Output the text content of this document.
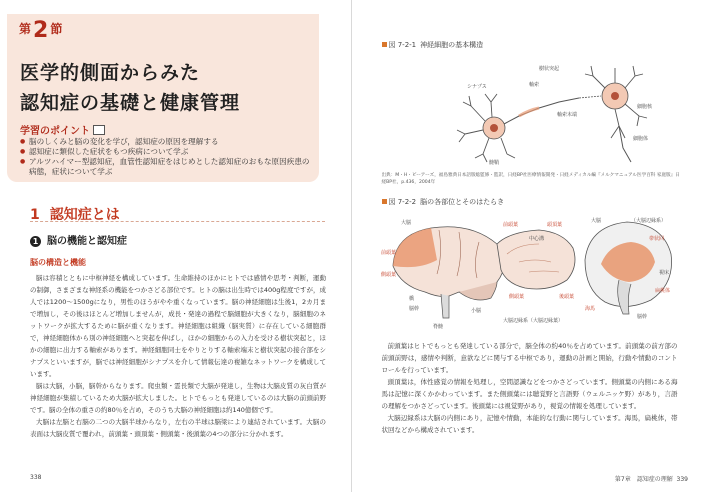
第2 節
医学的側面からみた
認知症の基礎と健康管理
学習のポイント
● 脳のしくみと脳の変化を学び，認知症の原因を理解する
● 認知症に類似した症状をもつ疾病について学ぶ
● アルツハイマー型認知症，血管性認知症をはじめとした認知症のおもな原因疾患の病態，症状について学ぶ
1 認知症とは
1 脳の機能と認知症
脳の構造と機能

脳は容積とともに中枢神経を構成しています。生命維持のほかにヒトでは感情や思考・判断，運動の制御，さまざまな神経系の機能をつかさどる部位です。ヒトの脳は出生時では400g程度ですが，成人では1200〜1500gになり，男性のほうがやや重くなっています。脳の神経細胞は生後1，2カ月まで増加し，その後はほとんど増加しませんが，成長・発達の過程で脳細胞が大きくなり，脳細胞のネットワークが拡大するために脳が重くなります。神経細胞は組織（脳実質）に存在している細胞群で，神経細胞体から別の神経細胞へと突起を伸ばし，ほかの細胞からの入力を受ける樹状突起と，ほかの細胞に出力する軸索があります。神経細胞同士をやりとりする軸索端末と樹状突起の接合部をシナプスといいますが，脳では神経細胞がシナプスを介して情報伝達の複雑なネットワークを構成しています。

脳は大脳，小脳，脳幹からなります。爬虫類・霊長類で大脳が発達し，生物は大脳皮質の灰白質が神経細胞が集積しているため大脳が拡大しました。ヒトでもっとも発達しているのは大脳の前頭前野です。脳の全体の重さの約80％を占め，そのうち大脳の神経細胞は約140億個です。

大脳は左脳と右脳の二つの大脳半球からなり，左右の半球は脳梁により連結されています。大脳の表面は大脳皮質で覆われ，前頭葉・頭頂葉・側頭葉・後頭葉の4つの部分に分かれます。

338
図 7-2-1 神経細胞の基本構造
樹状突起
軸索
シナプス
軸索末端
細胞核
細胞体
髄鞘
出典：M・H・ビーアーズ，福島雅典日本語版総監修・監訳，日経BP社医療情報開発・日経メディカル編『メルクマニュアル医学百科 家庭版』日経BP社，p.436，2004年
図 7-2-2 脳の各部位とそのはたらき
大脳
前頭葉
側頭葉
橋
脳幹	小脳
脊髄
前頭葉	頭頂葉
中心溝
後頭葉
側頭葉
大脳辺縁系（大脳辺縁葉）
大脳	（大脳辺縁系）
帯状回
海馬
脳幹
扁桃体
視床

前頭葉はヒトでもっとも発達している部分で，脳全体の約40％を占めています。前頭葉の前方部の前頭前野は，感情や判断，意欲などに関与する中枢であり，運動の計画と開始，行動や情動のコントロールを行っています。

頭頂葉は，体性感覚の情報を処理し，空間認識などをつかさどっています。側頭葉の内側にある海馬は記憶に深くかかわっています。また側頭葉には聴覚野と言語野（ウェルニッケ野）があり，言語の理解をつかさどっています。後頭葉には視覚野があり，視覚の情報を処理しています。

大脳辺縁系は大脳の内側にあり，記憶や情動，本能的な行動に関与しています。海馬，扁桃体，帯状回などから構成されています。

第7章　認知症の理解 339
